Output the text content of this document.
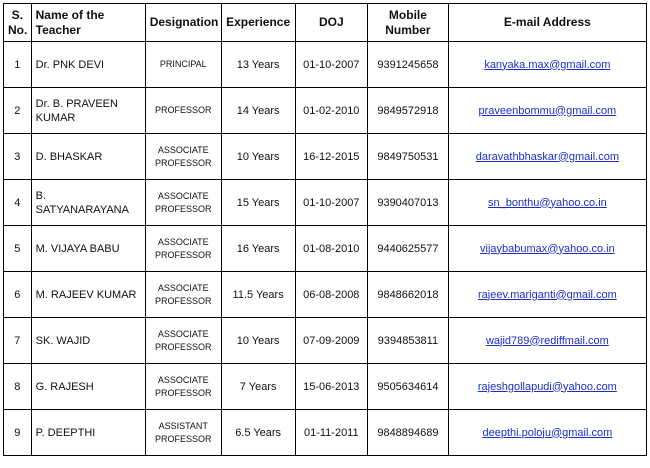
S. No.	Name of the Teacher	Designation	Experience	DOJ	Mobile Number	E-mail Address
1	Dr. PNK DEVI	PRINCIPAL	13 Years	01-10-2007	9391245658	kanyaka.max@gmail.com
2	Dr. B. PRAVEEN KUMAR	PROFESSOR	14 Years	01-02-2010	9849572918	praveenbommu@gmail.com
3	D. BHASKAR	ASSOCIATE PROFESSOR	10 Years	16-12-2015	9849750531	daravathbhaskar@gmail.com
4	B. SATYANARAYANA	ASSOCIATE PROFESSOR	15 Years	01-10-2007	9390407013	sn_bonthu@yahoo.co.in
5	M. VIJAYA BABU	ASSOCIATE PROFESSOR	16 Years	01-08-2010	9440625577	vijaybabumax@yahoo.co.in
6	M. RAJEEV KUMAR	ASSOCIATE PROFESSOR	11.5 Years	06-08-2008	9848662018	rajeev.mariganti@gmail.com
7	SK. WAJID	ASSOCIATE PROFESSOR	10 Years	07-09-2009	9394853811	wajid789@rediffmail.com
8	G. RAJESH	ASSOCIATE PROFESSOR	7 Years	15-06-2013	9505634614	rajeshgollapudi@yahoo.com
9	P. DEEPTHI	ASSISTANT PROFESSOR	6.5 Years	01-11-2011	9848894689	deepthi.poloju@gmail.com
